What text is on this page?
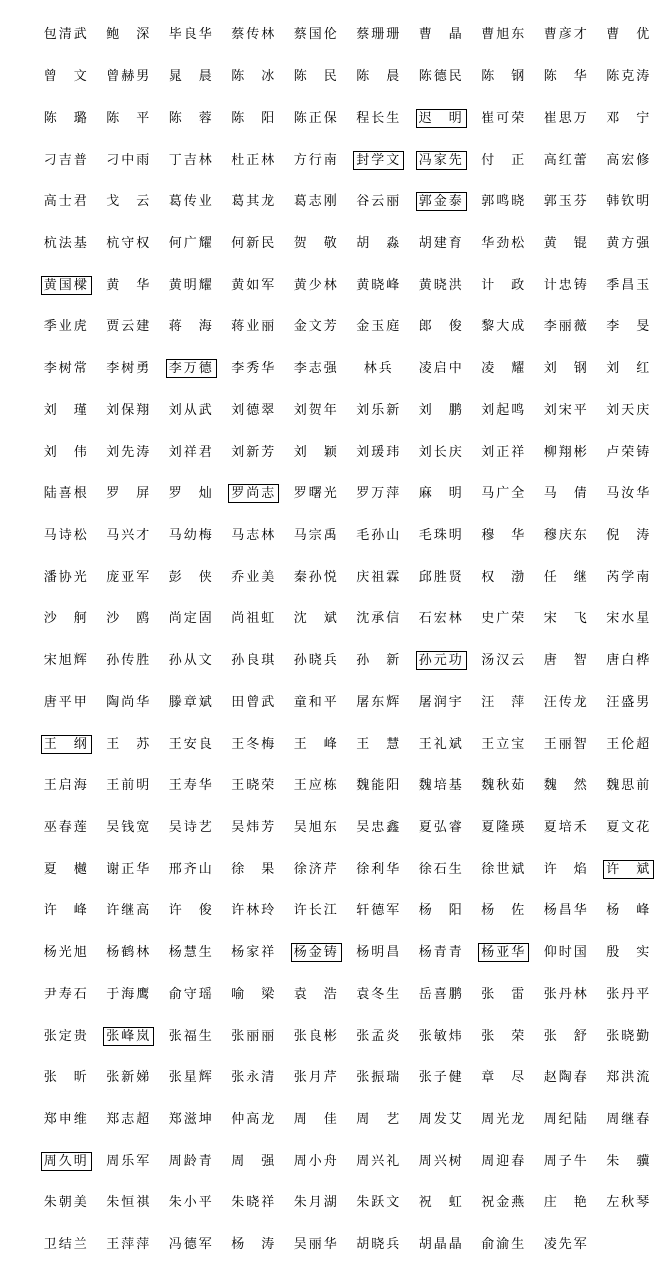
包清武 鲍　深 毕良华 蔡传林 蔡国伦 蔡珊珊 曹　晶 曹旭东 曹彦才 曹　优
曾　文 曾赫男 晁　晨 陈　冰 陈　民 陈　晨 陈德民 陈　钢 陈　华 陈克涛
陈　璐 陈　平 陈　蓉 陈　阳 陈正保 程长生 迟　明 崔可荣 崔思万 邓　宁
刁吉普 刁中雨 丁吉林 杜正林 方行南 封学文 冯家先 付　正 高红蕾 高宏修
高士君 戈　云 葛传业 葛其龙 葛志刚 谷云丽 郭金泰 郭鸣晓 郭玉芬 韩钦明
杭法基 杭守权 何广耀 何新民 贺　敬 胡　淼 胡建育 华劲松 黄　锟 黄方强
黄国樑 黄　华 黄明耀 黄如军 黄少林 黄晓峰 黄晓洪 计　政 计忠铸 季昌玉
季业虎 贾云建 蒋　海 蒋业丽 金文芳 金玉庭 郎　俊 黎大成 李丽薇 李　旻
李树常 李树勇 李万德 李秀华 李志强 林兵 凌启中 凌　耀 刘　钢 刘　红
刘　瑾 刘保翔 刘从武 刘德翠 刘贺年 刘乐新 刘　鹏 刘起鸣 刘宋平 刘天庆
刘　伟 刘先涛 刘祥君 刘新芳 刘　颖 刘瑗玮 刘长庆 刘正祥 柳翔彬 卢荣铸
陆喜根 罗　屏 罗　灿 罗尚志 罗曙光 罗万萍 麻　明 马广全 马　倩 马汝华
马诗松 马兴才 马幼梅 马志林 马宗禹 毛孙山 毛珠明 穆　华 穆庆东 倪　涛
潘协光 庞亚军 彭　侠 乔业美 秦孙悦 庆祖霖 邱胜贤 权　渤 任　继 芮学南
沙　舸 沙　鸥 尚定固 尚祖虹 沈　斌 沈承信 石宏林 史广荣 宋　飞 宋水星
宋旭辉 孙传胜 孙从文 孙良琪 孙晓兵 孙　新 孙元功 汤汉云 唐　智 唐白桦
唐平甲 陶尚华 滕章斌 田曾武 童和平 屠东辉 屠润宇 汪　萍 汪传龙 汪盛男
王　纲 王　苏 王安良 王冬梅 王　峰 王　慧 王礼斌 王立宝 王丽智 王伦超
王启海 王前明 王寿华 王晓荣 王应栋 魏能阳 魏培基 魏秋茹 魏　然 魏思前
巫春莲 吴钱宽 吴诗艺 吴炜芳 吴旭东 吴忠鑫 夏弘睿 夏隆瑛 夏培禾 夏文花
夏　樾 谢正华 邢齐山 徐　果 徐济芹 徐利华 徐石生 徐世斌 许　焰 许　斌
许　峰 许继高 许　俊 许林玲 许长江 轩德军 杨　阳 杨　佐 杨昌华 杨　峰
杨光旭 杨鹤林 杨慧生 杨家祥 杨金铸 杨明昌 杨青青 杨亚华 仰时国 殷　实
尹寿石 于海鹰 俞守瑶 喻　梁 袁　浩 袁冬生 岳喜鹏 张　雷 张丹林 张丹平
张定贵 张峰岚 张福生 张丽丽 张良彬 张孟炎 张敏炜 张　荣 张　舒 张晓勤
张　昕 张新娣 张星辉 张永清 张月芹 张振瑞 张子健 章　尽 赵陶春 郑洪流
郑申维 郑志超 郑滋坤 仲高龙 周　佳 周　艺 周发艾 周光龙 周纪陆 周继春
周久明 周乐军 周龄青 周　强 周小舟 周兴礼 周兴树 周迎春 周子牛 朱　骥
朱朝美 朱恒祺 朱小平 朱晓祥 朱月湖 朱跃文 祝　虹 祝金燕 庄　艳 左秋琴
卫结兰 王萍萍 冯德军 杨　涛 吴丽华 胡晓兵 胡晶晶 俞渝生 凌先军
